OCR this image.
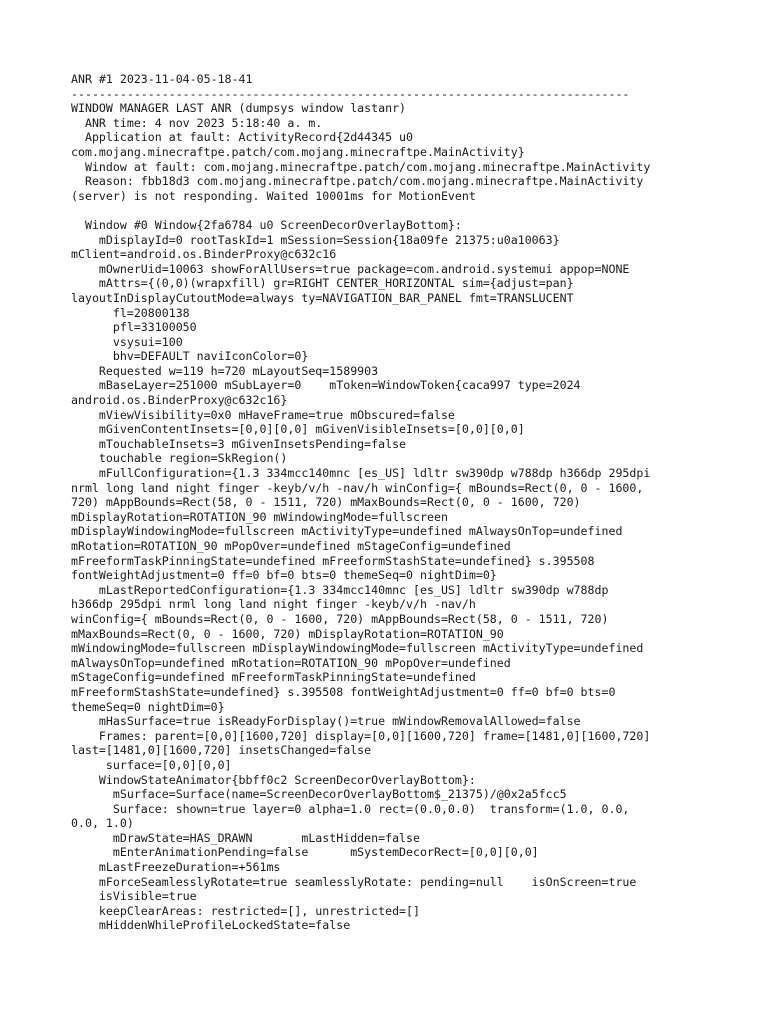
ANR #1 2023-11-04-05-18-41
--------------------------------------------------------------------------------
WINDOW MANAGER LAST ANR (dumpsys window lastanr)
ANR time: 4 nov 2023 5:18:40 a. m.
Application at fault: ActivityRecord{2d44345 u0
com.mojang.minecraftpe.patch/com.mojang.minecraftpe.MainActivity}
Window at fault: com.mojang.minecraftpe.patch/com.mojang.minecraftpe.MainActivity
Reason: fbb18d3 com.mojang.minecraftpe.patch/com.mojang.minecraftpe.MainActivity
(server) is not responding. Waited 10001ms for MotionEvent
Window #0 Window{2fa6784 u0 ScreenDecorOverlayBottom}:
mDisplayId=0 rootTaskId=1 mSession=Session{18a09fe 21375:u0a10063}
mClient=android.os.BinderProxy@c632c16
mOwnerUid=10063 showForAllUsers=true package=com.android.systemui appop=NONE
mAttrs={(0,0)(wrapxfill) gr=RIGHT CENTER_HORIZONTAL sim={adjust=pan}
layoutInDisplayCutoutMode=always ty=NAVIGATION_BAR_PANEL fmt=TRANSLUCENT
fl=20800138
pfl=33100050
vsysui=100
bhv=DEFAULT naviIconColor=0}
Requested w=119 h=720 mLayoutSeq=1589903
mBaseLayer=251000 mSubLayer=0    mToken=WindowToken{caca997 type=2024
android.os.BinderProxy@c632c16}
mViewVisibility=0x0 mHaveFrame=true mObscured=false
mGivenContentInsets=[0,0][0,0] mGivenVisibleInsets=[0,0][0,0]
mTouchableInsets=3 mGivenInsetsPending=false
touchable region=SkRegion()
mFullConfiguration={1.3 334mcc140mnc [es_US] ldltr sw390dp w788dp h366dp 295dpi
nrml long land night finger -keyb/v/h -nav/h winConfig={ mBounds=Rect(0, 0 - 1600,
720) mAppBounds=Rect(58, 0 - 1511, 720) mMaxBounds=Rect(0, 0 - 1600, 720)
mDisplayRotation=ROTATION_90 mWindowingMode=fullscreen
mDisplayWindowingMode=fullscreen mActivityType=undefined mAlwaysOnTop=undefined
mRotation=ROTATION_90 mPopOver=undefined mStageConfig=undefined
mFreeformTaskPinningState=undefined mFreeformStashState=undefined} s.395508
fontWeightAdjustment=0 ff=0 bf=0 bts=0 themeSeq=0 nightDim=0}
mLastReportedConfiguration={1.3 334mcc140mnc [es_US] ldltr sw390dp w788dp
h366dp 295dpi nrml long land night finger -keyb/v/h -nav/h
winConfig={ mBounds=Rect(0, 0 - 1600, 720) mAppBounds=Rect(58, 0 - 1511, 720)
mMaxBounds=Rect(0, 0 - 1600, 720) mDisplayRotation=ROTATION_90
mWindowingMode=fullscreen mDisplayWindowingMode=fullscreen mActivityType=undefined
mAlwaysOnTop=undefined mRotation=ROTATION_90 mPopOver=undefined
mStageConfig=undefined mFreeformTaskPinningState=undefined
mFreeformStashState=undefined} s.395508 fontWeightAdjustment=0 ff=0 bf=0 bts=0
themeSeq=0 nightDim=0}
mHasSurface=true isReadyForDisplay()=true mWindowRemovalAllowed=false
Frames: parent=[0,0][1600,720] display=[0,0][1600,720] frame=[1481,0][1600,720]
last=[1481,0][1600,720] insetsChanged=false
surface=[0,0][0,0]
WindowStateAnimator{bbff0c2 ScreenDecorOverlayBottom}:
mSurface=Surface(name=ScreenDecorOverlayBottom$_21375)/@0x2a5fcc5
Surface: shown=true layer=0 alpha=1.0 rect=(0.0,0.0)  transform=(1.0, 0.0,
0.0, 1.0)
mDrawState=HAS_DRAWN       mLastHidden=false
mEnterAnimationPending=false      mSystemDecorRect=[0,0][0,0]
mLastFreezeDuration=+561ms
mForceSeamlesslyRotate=true seamlesslyRotate: pending=null    isOnScreen=true
isVisible=true
keepClearAreas: restricted=[], unrestricted=[]
mHiddenWhileProfileLockedState=false
